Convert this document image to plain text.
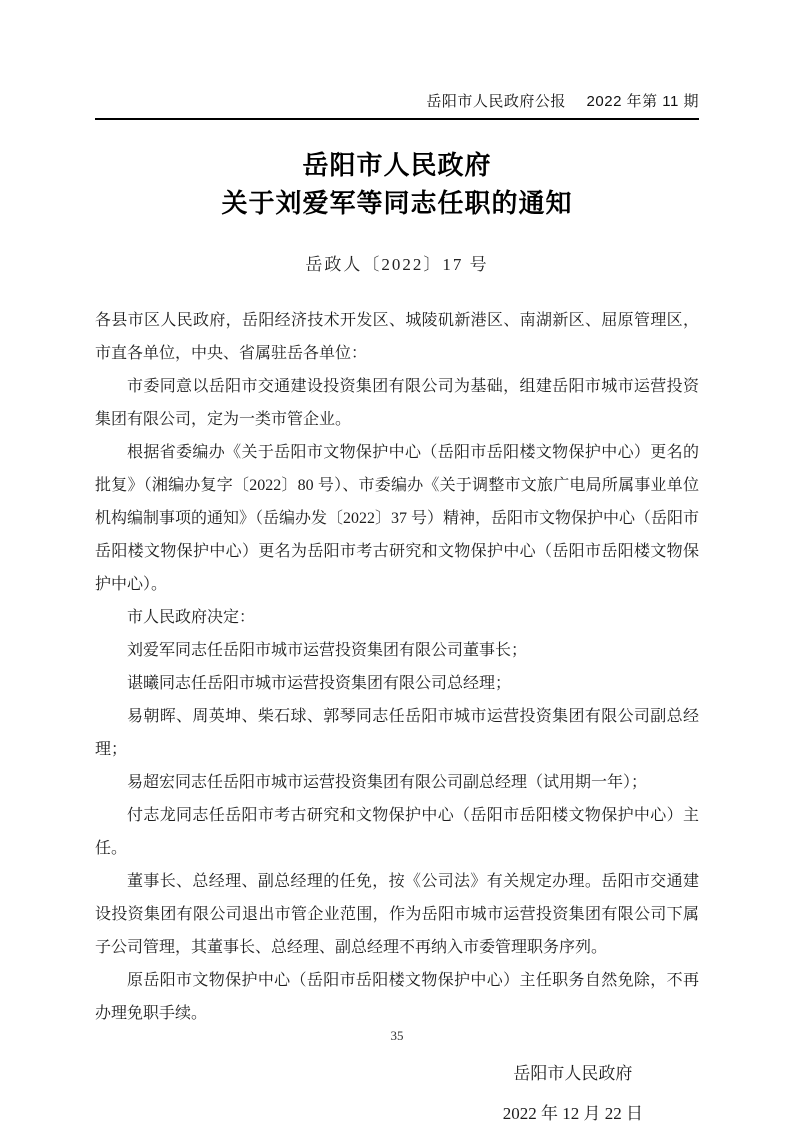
岳阳市人民政府公报 2022 年第 11 期
岳阳市人民政府
关于刘爱军等同志任职的通知
岳政人〔2022〕17 号

各县市区人民政府，岳阳经济技术开发区、城陵矶新港区、南湖新区、屈原管理区，市直各单位，中央、省属驻岳各单位：

市委同意以岳阳市交通建设投资集团有限公司为基础，组建岳阳市城市运营投资集团有限公司，定为一类市管企业。

根据省委编办《关于岳阳市文物保护中心（岳阳市岳阳楼文物保护中心）更名的批复》（湘编办复字〔2022〕80 号）、市委编办《关于调整市文旅广电局所属事业单位机构编制事项的通知》（岳编办发〔2022〕37 号）精神，岳阳市文物保护中心（岳阳市岳阳楼文物保护中心）更名为岳阳市考古研究和文物保护中心（岳阳市岳阳楼文物保护中心）。

市人民政府决定：

刘爱军同志任岳阳市城市运营投资集团有限公司董事长；

谌曦同志任岳阳市城市运营投资集团有限公司总经理；

易朝晖、周英坤、柴石球、郭琴同志任岳阳市城市运营投资集团有限公司副总经理；

易超宏同志任岳阳市城市运营投资集团有限公司副总经理（试用期一年）；

付志龙同志任岳阳市考古研究和文物保护中心（岳阳市岳阳楼文物保护中心）主任。

董事长、总经理、副总经理的任免，按《公司法》有关规定办理。岳阳市交通建设投资集团有限公司退出市管企业范围，作为岳阳市城市运营投资集团有限公司下属子公司管理，其董事长、总经理、副总经理不再纳入市委管理职务序列。

原岳阳市文物保护中心（岳阳市岳阳楼文物保护中心）主任职务自然免除，不再办理免职手续。

岳阳市人民政府
2022 年 12 月 22 日
35
